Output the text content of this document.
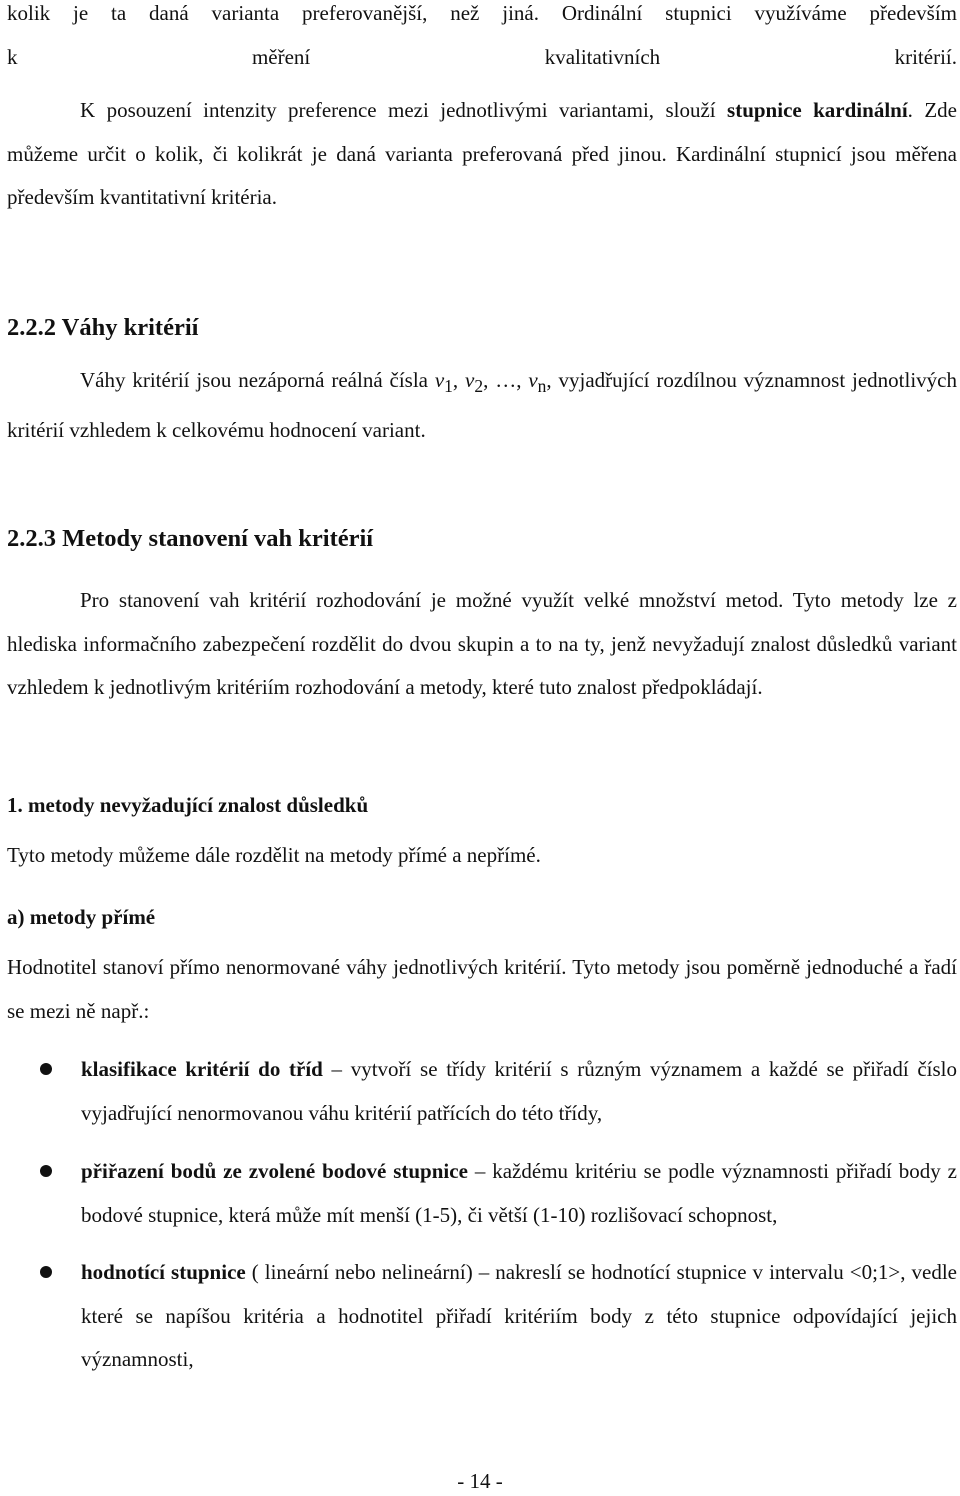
kolik je ta daná varianta preferovanější, než jiná. Ordinální stupnici využíváme především
k měření kvalitativních kritérií.

K posouzení intenzity preference mezi jednotlivými variantami, slouží stupnice kardinální. Zde můžeme určit o kolik, či kolikrát je daná varianta preferovaná před jinou. Kardinální stupnicí jsou měřena především kvantitativní kritéria.

2.2.2 Váhy kritérií

Váhy kritérií jsou nezáporná reálná čísla $v_1$, $v_2$, …, $v_n$, vyjadřující rozdílnou významnost jednotlivých kritérií vzhledem k celkovému hodnocení variant.

2.2.3 Metody stanovení vah kritérií

Pro stanovení vah kritérií rozhodování je možné využít velké množství metod. Tyto metody lze z hlediska informačního zabezpečení rozdělit do dvou skupin a to na ty, jenž nevyžadují znalost důsledků variant vzhledem k jednotlivým kritériím rozhodování a metody, které tuto znalost předpokládají.

1. metody nevyžadující znalost důsledků

Tyto metody můžeme dále rozdělit na metody přímé a nepřímé.

a) metody přímé

Hodnotitel stanoví přímo nenormované váhy jednotlivých kritérií. Tyto metody jsou poměrně jednoduché a řadí se mezi ně např.:

klasifikace kritérií do tříd – vytvoří se třídy kritérií s různým významem a každé se přiřadí číslo vyjadřující nenormovanou váhu kritérií patřících do této třídy,
přiřazení bodů ze zvolené bodové stupnice – každému kritériu se podle významnosti přiřadí body z bodové stupnice, která může mít menší (1-5), či větší (1-10) rozlišovací schopnost,
hodnotící stupnice ( lineární nebo nelineární) – nakreslí se hodnotící stupnice v intervalu <0;1>, vedle které se napíšou kritéria a hodnotitel přiřadí kritériím body z této stupnice odpovídající jejich významnosti,
- 14 -
